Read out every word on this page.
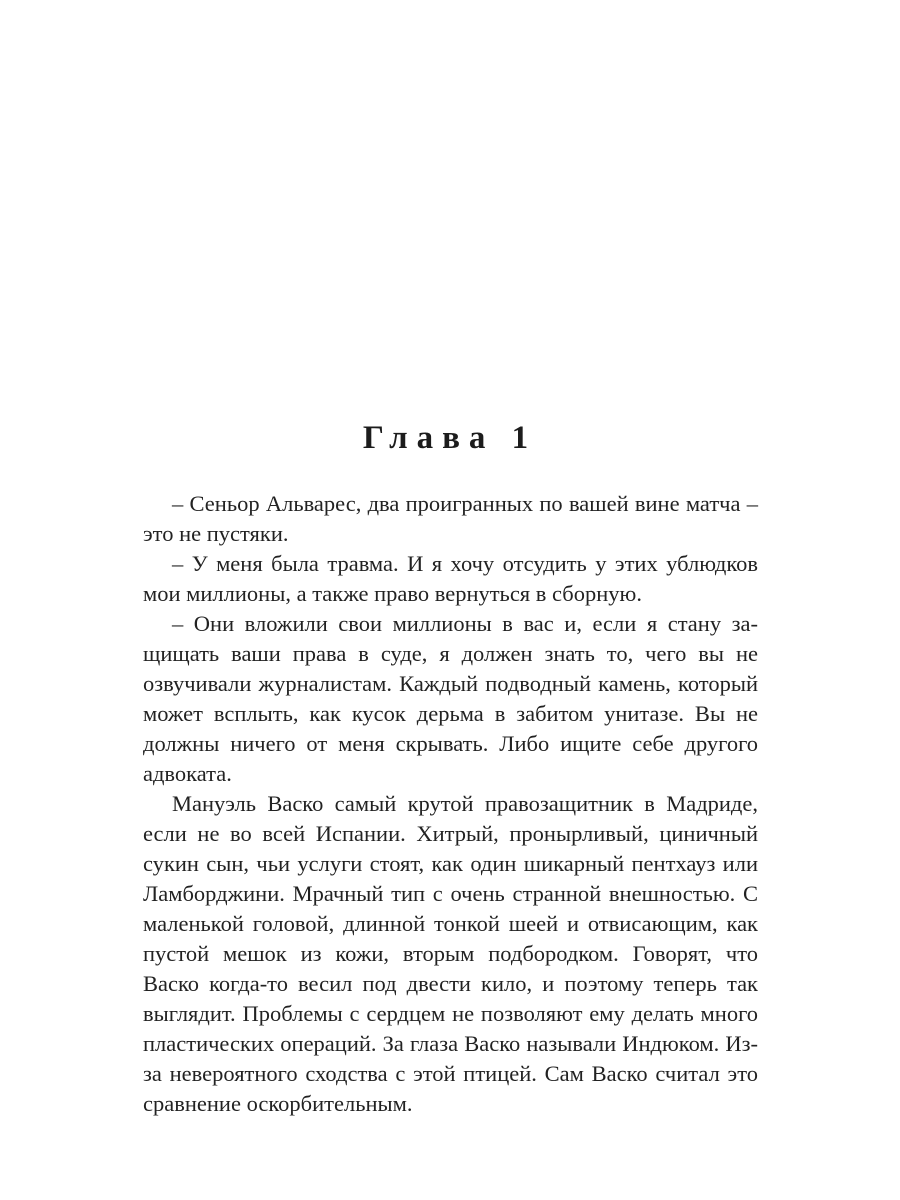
Глава 1

– Сеньор Альварес, два проигранных по вашей вине матча – это не пустяки.

– У меня была травма. И я хочу отсудить у этих ублюдков мои миллионы, а также право вернуться в сборную.

– Они вложили свои миллионы в вас и, если я стану защищать ваши права в суде, я должен знать то, чего вы не озвучивали журналистам. Каждый подводный камень, который может всплыть, как кусок дерьма в забитом унитазе. Вы не должны ничего от меня скрывать. Либо ищите себе другого адвоката.

Мануэль Васко самый крутой правозащитник в Мадриде, если не во всей Испании. Хитрый, пронырливый, циничный сукин сын, чьи услуги стоят, как один шикарный пентхауз или Ламборджини. Мрачный тип с очень странной внешностью. С маленькой головой, длинной тонкой шеей и отвисающим, как пустой мешок из кожи, вторым подбородком. Говорят, что Васко когда-то весил под двести кило, и поэтому теперь так выглядит. Проблемы с сердцем не позволяют ему делать много пластических операций. За глаза Васко называли Индюком. Из-за невероятного сходства с этой птицей. Сам Васко считал это сравнение оскорбительным.
